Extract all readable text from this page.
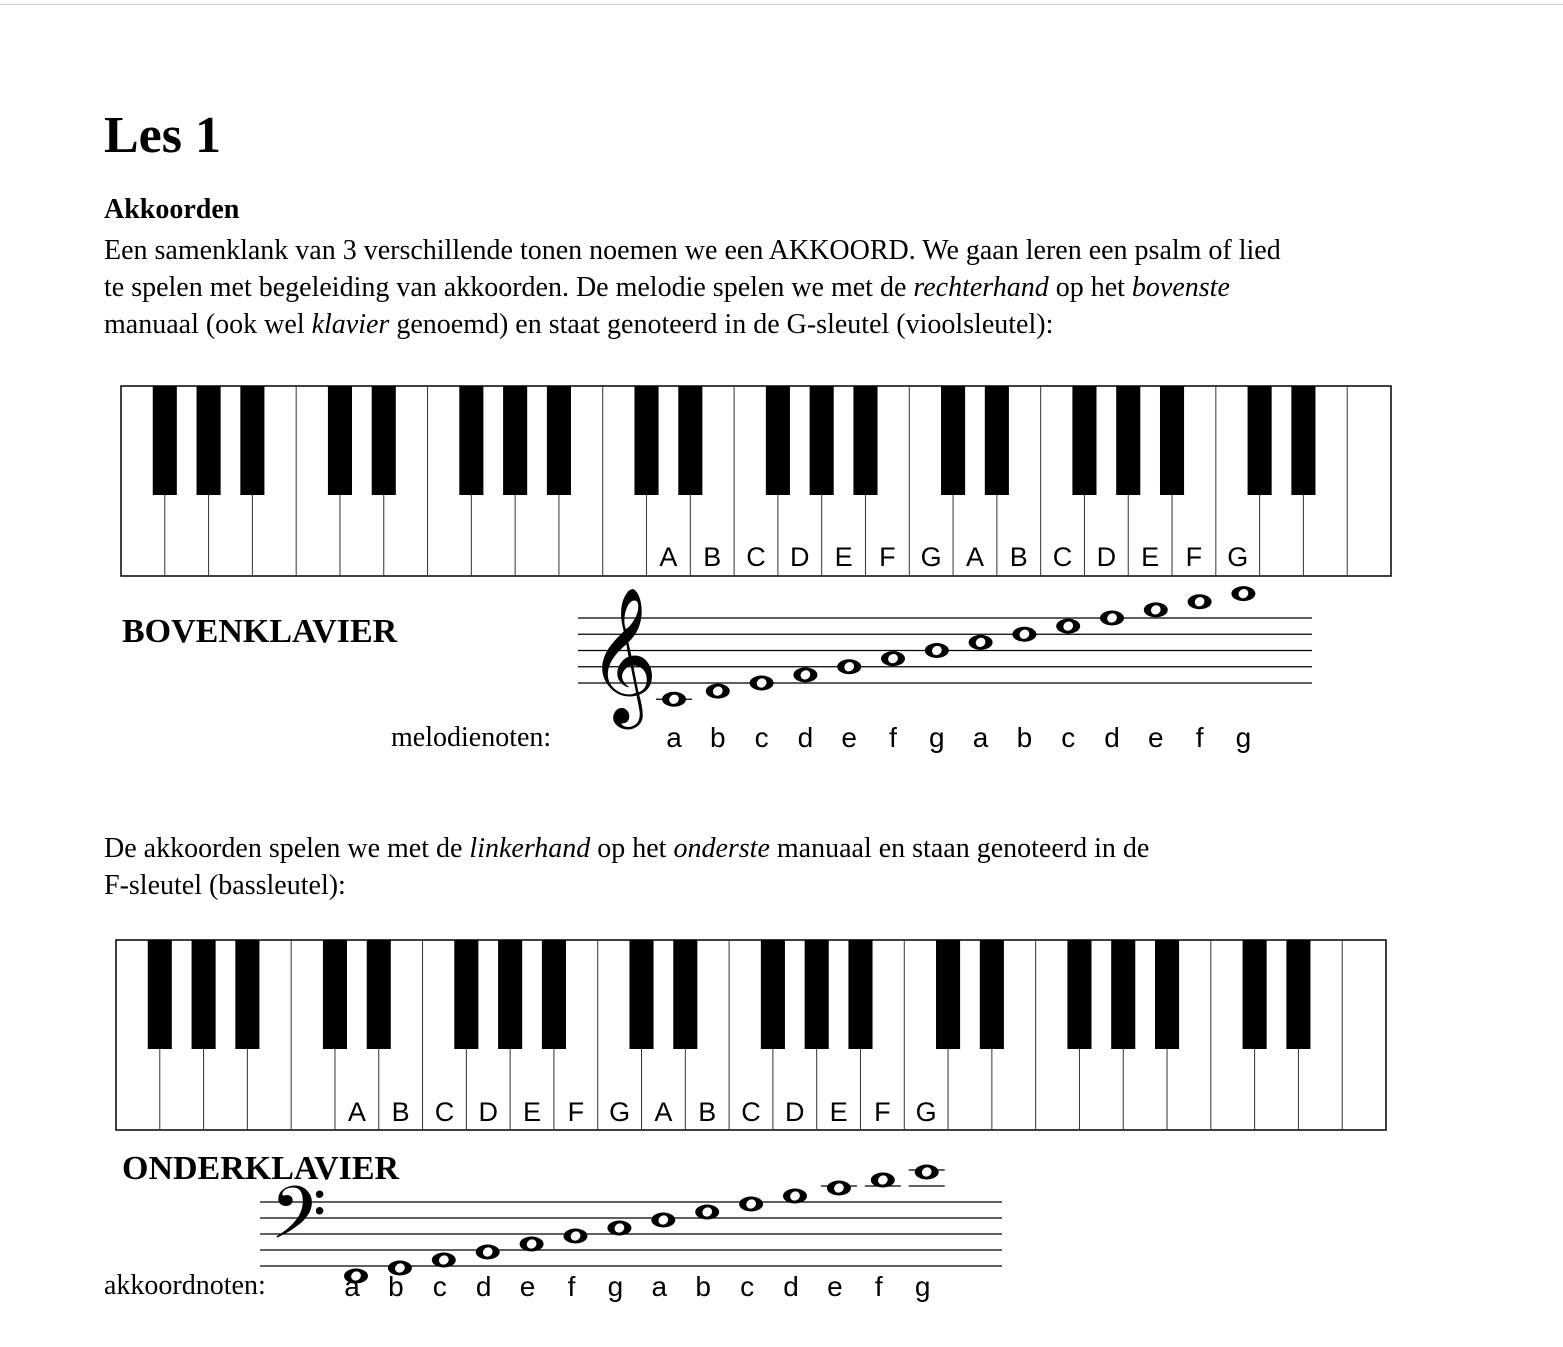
Les 1
Akkoorden

Een samenklank van 3 verschillende tonen noemen we een AKKOORD. We gaan leren een psalm of lied
te spelen met begeleiding van akkoorden. De melodie spelen we met de rechterhand op het bovenste
manuaal (ook wel klavier genoemd) en staat genoteerd in de G-sleutel (vioolsleutel):

De akkoorden spelen we met de linkerhand op het onderste manuaal en staan genoteerd in de
F-sleutel (bassleutel):

BOVENKLAVIER
melodienoten:
ONDERKLAVIER
akkoordnoten:
A B C D E F G A B C D E F G
𝄞
a b c d e f g a b c d e f g
A B C D E F G A B C D E F G
𝄢
a b c d e f g a b c d e f g
